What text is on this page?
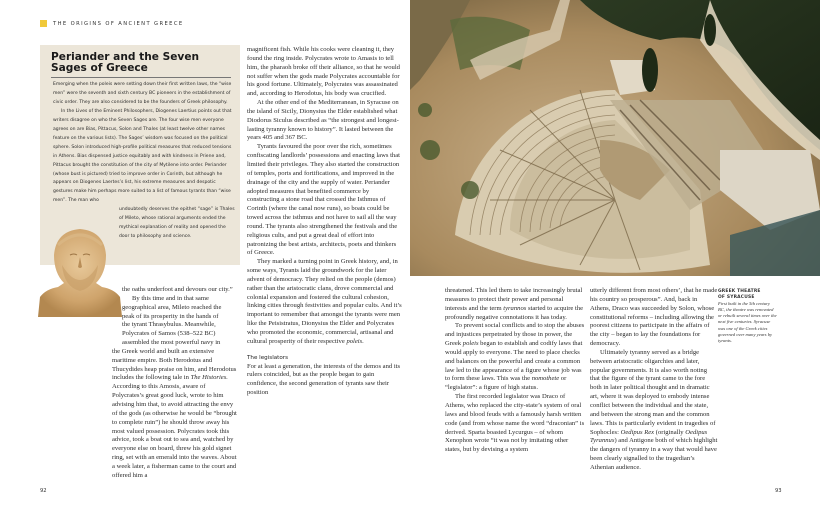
THE ORIGINS OF ANCIENT GREECE
Periander and the Seven Sages of Greece

Emerging when the poleis were setting down their first written laws, the “wise men” were the seventh and sixth century BC pioneers in the establishment of civic order. They are also considered to be the founders of Greek philosophy.

In the Lives of the Eminent Philosophers, Diogenes Laertius points out that writers disagree on who the Seven Sages are. The four wise men everyone agrees on are Bias, Pittacus, Solon and Thales (at least twelve other names feature on the various lists). The Sages’ wisdom was focused on the political sphere. Solon introduced high-profile political measures that reduced tensions in Athens. Bias dispensed justice equitably and with kindness in Priene and, Pittacus brought the constitution of the city of Mytilene into order. Periander (whose bust is pictured) tried to improve order in Corinth, but although he appears on Diogenes Laertes’s list, his extreme measures and despotic gestures make him perhaps more suited to a list of famous tyrants than “wise men”. The man who

undoubtedly deserves the epithet “sage” is Thales of Mileto, whose rational arguments ended the mythical explanation of reality and opened the door to philosophy and science.

the oaths underfoot and devours our city.”

By this time and in that same

geographical area, Mileto reached the

peak of its prosperity in the hands of

the tyrant Thrasybulus. Meanwhile,

Polycrates of Samos (538–522 BC)

assembled the most powerful navy in

the Greek world and built an extensive maritime empire. Both Herodotus and Thucydides heap praise on him, and Herodotus includes the following tale in The Histories. According to this Amosis, aware of Polycrates’s great good luck, wrote to him advising him that, to avoid attracting the envy of the gods (as otherwise he would be “brought to complete ruin”) he should throw away his most valued possession. Polycrates took this advice, took a boat out to sea and, watched by everyone else on board, threw his gold signet ring, set with an emerald into the waves. About a week later, a fisherman came to the court and offered him a

magnificent fish. While his cooks were cleaning it, they found the ring inside. Polycrates wrote to Amasis to tell him, the pharaoh broke off their alliance, so that he would not suffer when the gods made Polycrates accountable for his good fortune. Ultimately, Polycrates was assassinated and, according to Herodotus, his body was crucified.

At the other end of the Mediterranean, in Syracuse on the island of Sicily, Dionysius the Elder established what Diodorus Siculus described as “the strongest and longest-lasting tyranny known to history”. It lasted between the years 405 and 367 BC.

Tyrants favoured the poor over the rich, sometimes confiscating landlords’ possessions and enacting laws that limited their privileges. They also started the construction of temples, ports and fortifications, and improved in the drainage of the city and the supply of water. Periander adopted measures that benefited commerce by constructing a stone road that crossed the Isthmus of Corinth (where the canal now runs), so boats could be towed across the isthmus and not have to sail all the way round. The tyrants also strengthened the festivals and the religious cults, and put a great deal of effort into patronizing the best artists, architects, poets and thinkers of Greece.

They marked a turning point in Greek history, and, in some ways, Tyrants laid the groundwork for the later advent of democracy. They relied on the people (demos) rather than the aristocratic clans, drove commercial and colonial expansion and fostered the cultural cohesion, linking cities through festivities and popular cults. And it’s important to remember that amongst the tyrants were men like the Peisistratus, Dionysius the Elder and Polycrates who promoted the economic, commercial, artisanal and cultural prosperity of their respective poleis.

The legislators

For at least a generation, the interests of the demos and its rulers coincided, but as the people began to gain confidence, the second generation of tyrants saw their position

92

threatened. This led them to take increasingly brutal measures to protect their power and personal interests and the term tyrannos started to acquire the profoundly negative connotations it has today.

To prevent social conflicts and to stop the abuses and injustices perpetrated by those in power, the Greek poleis began to establish and codify laws that would apply to everyone. The need to place checks and balances on the powerful and create a common law led to the appearance of a figure whose job was to form these laws. This was the nomothete or “legislator”: a figure of high status.

The first recorded legislator was Draco of Athens, who replaced the city-state’s system of oral laws and blood feuds with a famously harsh written code (and from whose name the word “draconian” is derived. Sparta boasted Lycurgus – of whom Xenophon wrote “it was not by imitating other states, but by devising a system

utterly different from most others’, that he made his country so prosperous”. And, back in Athens, Draco was succeeded by Solon, whose constitutional reforms – including allowing the poorest citizens to participate in the affairs of the city – began to lay the foundations for democracy.

Ultimately tyranny served as a bridge between aristocratic oligarchies and later, popular governments. It is also worth noting that the figure of the tyrant came to the fore both in later political thought and in dramatic art, where it was deployed to embody intense conflict between the individual and the state, and between the strong man and the common laws. This is particularly evident in tragedies of Sophocles: Oedipus Rex (originally Oedipus Tyrannus) and Antigone both of which highlight the dangers of tyranny in a way that would have been clearly signalled to the tragedian’s Athenian audience.

GREEK THEATRE
OF SYRACUSE
First built in the 5th century BC, the theatre was renovated or rebuilt several times over the next five centuries. Syracuse was one of the Greek cities governed over many years by tyrants.
93
